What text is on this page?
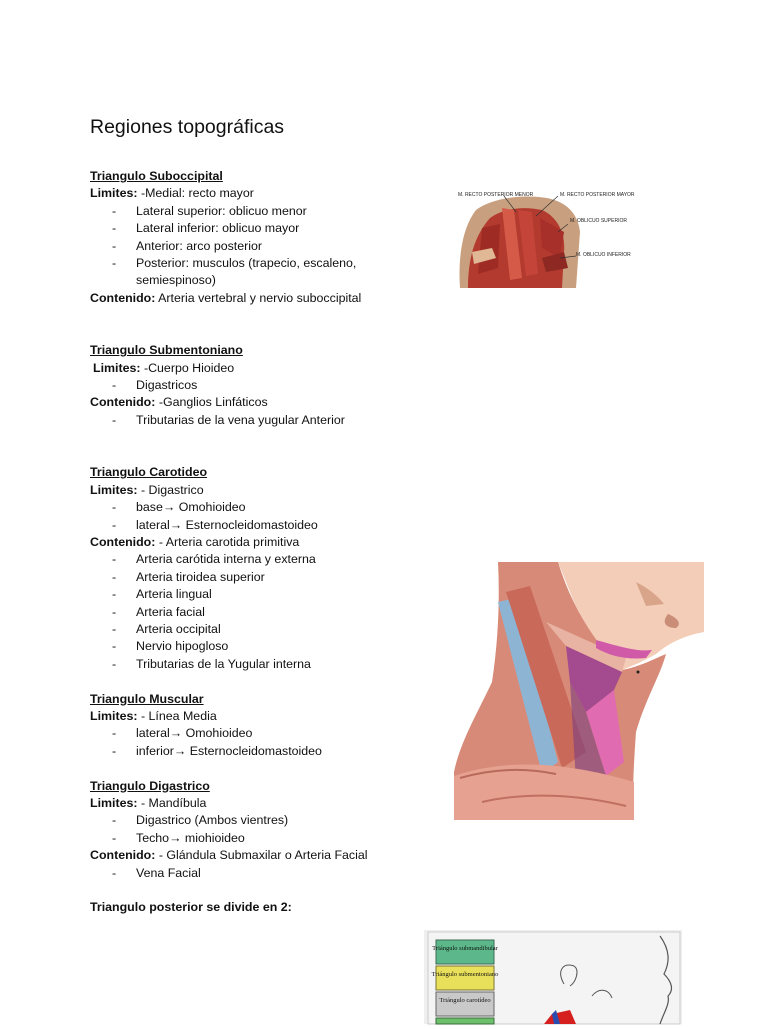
Regiones topográficas
Triangulo Suboccipital
Limites: -Medial: recto mayor
- Lateral superior: oblicuo menor
- Lateral inferior: oblicuo mayor
- Anterior: arco posterior
- Posterior: musculos (trapecio, escaleno, semiespinoso)
Contenido: Arteria vertebral y nervio suboccipital
Triangulo Submentoniano
Limites: -Cuerpo Hioideo
- Digastricos
Contenido: -Ganglios Linfáticos
- Tributarias de la vena yugular Anterior
Triangulo Carotideo
Limites: - Digastrico
- base→ Omohioideo
- lateral→ Esternocleidomastoideo
Contenido: - Arteria carotida primitiva
- Arteria carótida interna y externa
- Arteria tiroidea superior
- Arteria lingual
- Arteria facial
- Arteria occipital
- Nervio hipogloso
- Tributarias de la Yugular interna
Triangulo Muscular
Limites: - Línea Media
- lateral→ Omohioideo
- inferior→ Esternocleidomastoideo
Triangulo Digastrico
Limites: - Mandíbula
- Digastrico (Ambos vientres)
- Techo→ miohioideo
Contenido: - Glándula Submaxilar o Arteria Facial
- Vena Facial
Triangulo posterior se divide en 2:
M. RECTO POSTERIOR MENOR	M. RECTO POSTERIOR MAYOR
M. OBLICUO SUPERIOR
M. OBLICUO INFERIOR
Triángulo submandibular
Triángulo submentoniano
Triángulo carotídeo
